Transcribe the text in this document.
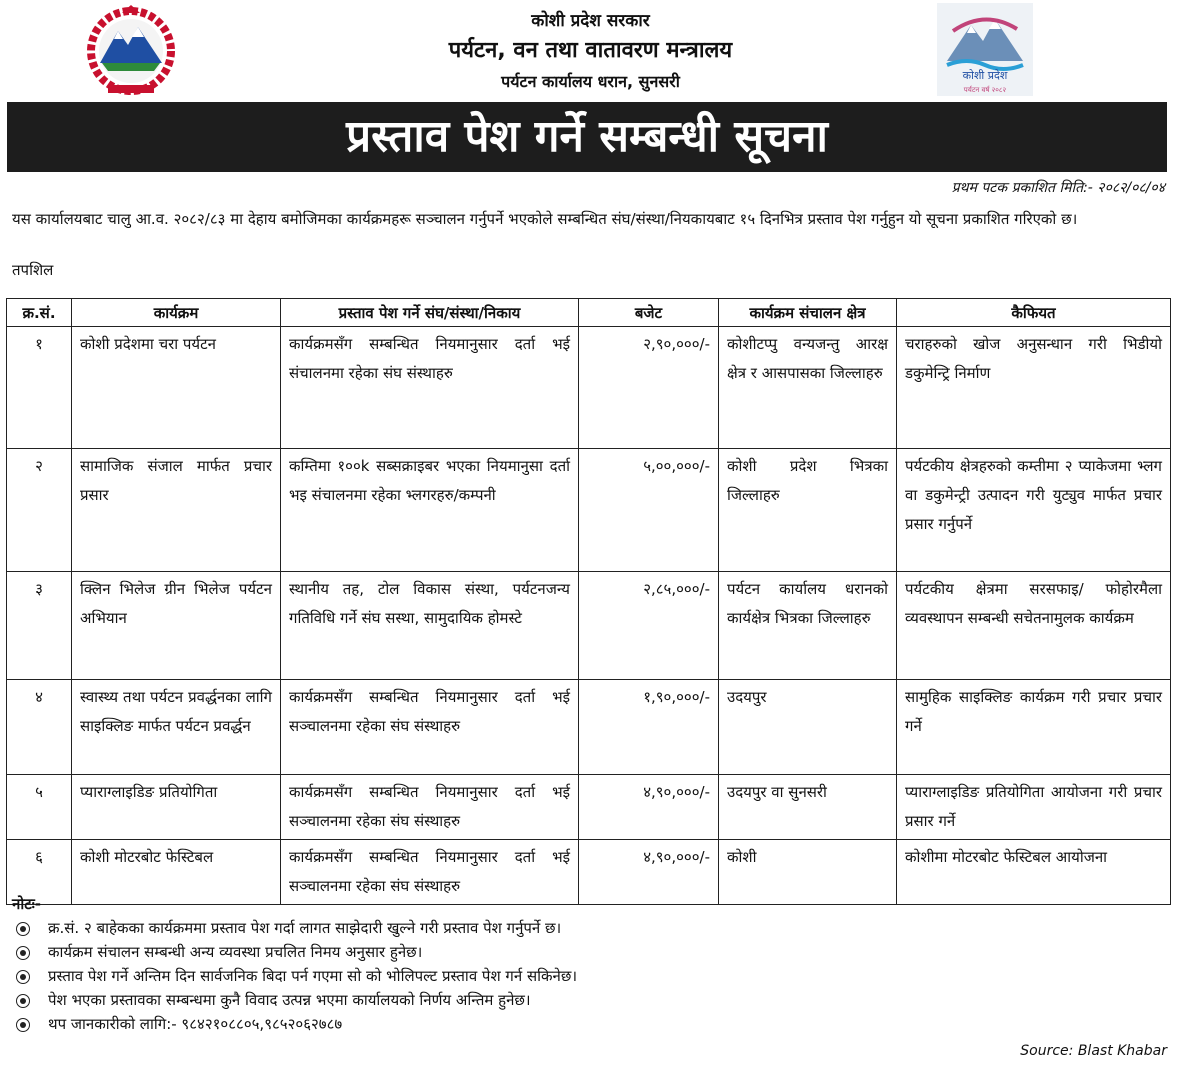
कोशी प्रदेश सरकार
पर्यटन, वन तथा वातावरण मन्त्रालय
पर्यटन कार्यालय धरान, सुनसरी	कोशी प्रदेश
पर्यटन वर्ष २०८२
प्रस्ताव पेश गर्ने सम्बन्धी सूचना
प्रथम पटक प्रकाशित मिति:- २०८२/०८/०४

यस कार्यालयबाट चालु आ.व. २०८२/८३ मा देहाय बमोजिमका कार्यक्रमहरू सञ्चालन गर्नुपर्ने भएकोले सम्बन्धित संघ/संस्था/नियकायबाट १५ दिनभित्र प्रस्ताव पेश गर्नुहुन यो सूचना प्रकाशित गरिएको छ।

तपशिल

क्र.सं.	कार्यक्रम	प्रस्ताव पेश गर्ने संघ/संस्था/निकाय	बजेट	कार्यक्रम संचालन क्षेत्र	कैफियत
१	कोशी प्रदेशमा चरा पर्यटन	कार्यक्रमसँग सम्बन्धित नियमानुसार दर्ता भई संचालनमा रहेका संघ संस्थाहरु	२,९०,०००/-	कोशीटप्पु वन्यजन्तु आरक्ष क्षेत्र र आसपासका जिल्लाहरु	चराहरुको खोज अनुसन्धान गरी भिडीयो डकुमेन्ट्रि निर्माण
२	सामाजिक संजाल मार्फत प्रचार प्रसार	कम्तिमा १००k सब्सक्राइबर भएका नियमानुसा दर्ता भइ संचालनमा रहेका भ्लगरहरु/कम्पनी	५,००,०००/-	कोशी प्रदेश भित्रका जिल्लाहरु	पर्यटकीय क्षेत्रहरुको कम्तीमा २ प्याकेजमा भ्लग वा डकुमेन्ट्री उत्पादन गरी युट्युव मार्फत प्रचार प्रसार गर्नुपर्ने
३	क्लिन भिलेज ग्रीन भिलेज पर्यटन अभियान	स्थानीय तह, टोल विकास संस्था, पर्यटनजन्य गतिविधि गर्ने संघ सस्था, सामुदायिक होमस्टे	२,८५,०००/-	पर्यटन कार्यालय धरानको कार्यक्षेत्र भित्रका जिल्लाहरु	पर्यटकीय क्षेत्रमा सरसफाइ/ फोहोरमैला व्यवस्थापन सम्बन्धी सचेतनामुलक कार्यक्रम
४	स्वास्थ्य तथा पर्यटन प्रवर्द्धनका लागि साइक्लिङ मार्फत पर्यटन प्रवर्द्धन	कार्यक्रमसँग सम्बन्धित नियमानुसार दर्ता भई सञ्चालनमा रहेका संघ संस्थाहरु	१,९०,०००/-	उदयपुर	सामुहिक साइक्लिङ कार्यक्रम गरी प्रचार प्रचार गर्ने
५	प्याराग्लाइडिङ प्रतियोगिता	कार्यक्रमसँग सम्बन्धित नियमानुसार दर्ता भई सञ्चालनमा रहेका संघ संस्थाहरु	४,९०,०००/-	उदयपुर वा सुनसरी	प्याराग्लाइडिङ प्रतियोगिता आयोजना गरी प्रचार प्रसार गर्ने
६	कोशी मोटरबोट फेस्टिबल	कार्यक्रमसँग सम्बन्धित नियमानुसार दर्ता भई सञ्चालनमा रहेका संघ संस्थाहरु	४,९०,०००/-	कोशी	कोशीमा मोटरबोट फेस्टिबल आयोजना

नोटः-

क्र.सं. २ बाहेकका कार्यक्रममा प्रस्ताव पेश गर्दा लागत साझेदारी खुल्ने गरी प्रस्ताव पेश गर्नुपर्ने छ।
कार्यक्रम संचालन सम्बन्धी अन्य व्यवस्था प्रचलित निमय अनुसार हुनेछ।
प्रस्ताव पेश गर्ने अन्तिम दिन सार्वजनिक बिदा पर्न गएमा सो को भोलिपल्ट प्रस्ताव पेश गर्न सकिनेछ।
पेश भएका प्रस्तावका सम्बन्धमा कुनै विवाद उत्पन्न भएमा कार्यालयको निर्णय अन्तिम हुनेछ।
थप जानकारीको लागि:- ९८४२१०८८०५,९८५२०६२७८७
Source: Blast Khabar
